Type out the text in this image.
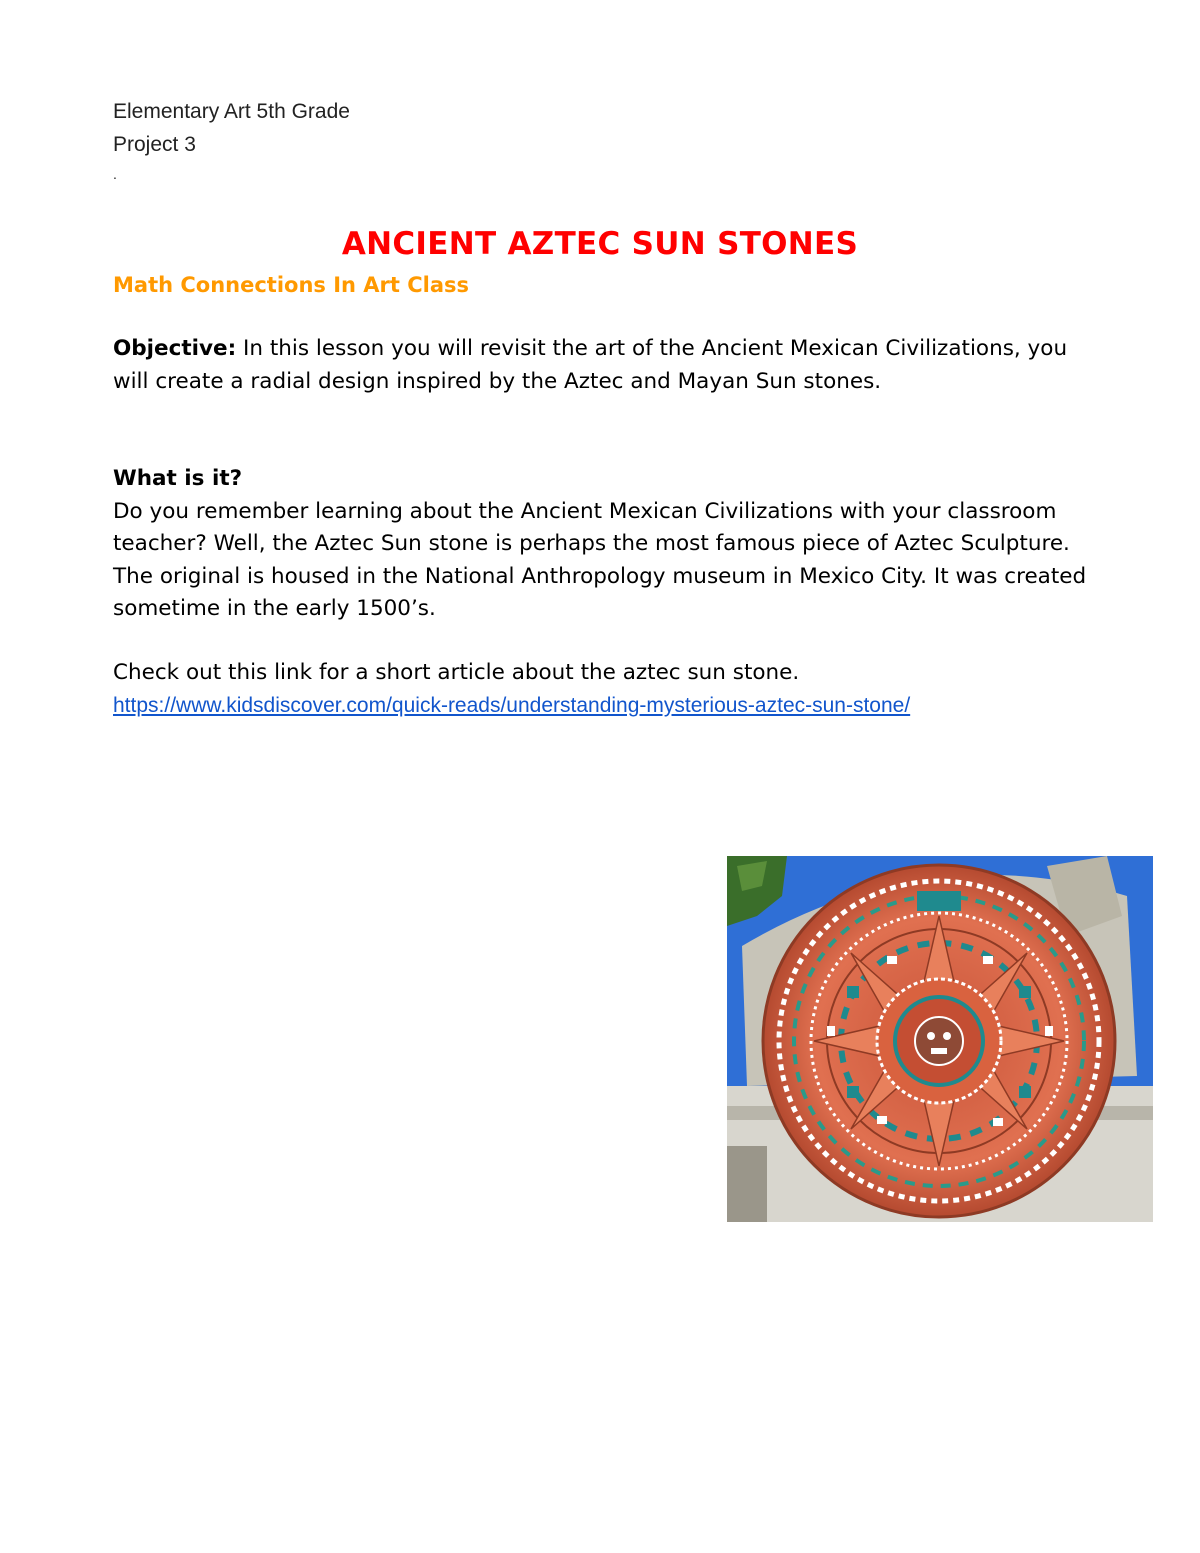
Elementary Art 5th Grade
Project 3
.
ANCIENT AZTEC SUN STONES
Math Connections In Art Class
Objective: In this lesson you will revisit the art of the Ancient Mexican Civilizations, you will create a radial design inspired by the Aztec and Mayan Sun stones.
What is it?
Do you remember learning about the Ancient Mexican Civilizations with your classroom teacher? Well, the Aztec Sun stone is perhaps the most famous piece of Aztec Sculpture. The original is housed in the National Anthropology museum in Mexico City. It was created sometime in the early 1500’s.
Check out this link for a short article about the aztec sun stone.
https://www.kidsdiscover.com/quick-reads/understanding-mysterious-aztec-sun-stone/
